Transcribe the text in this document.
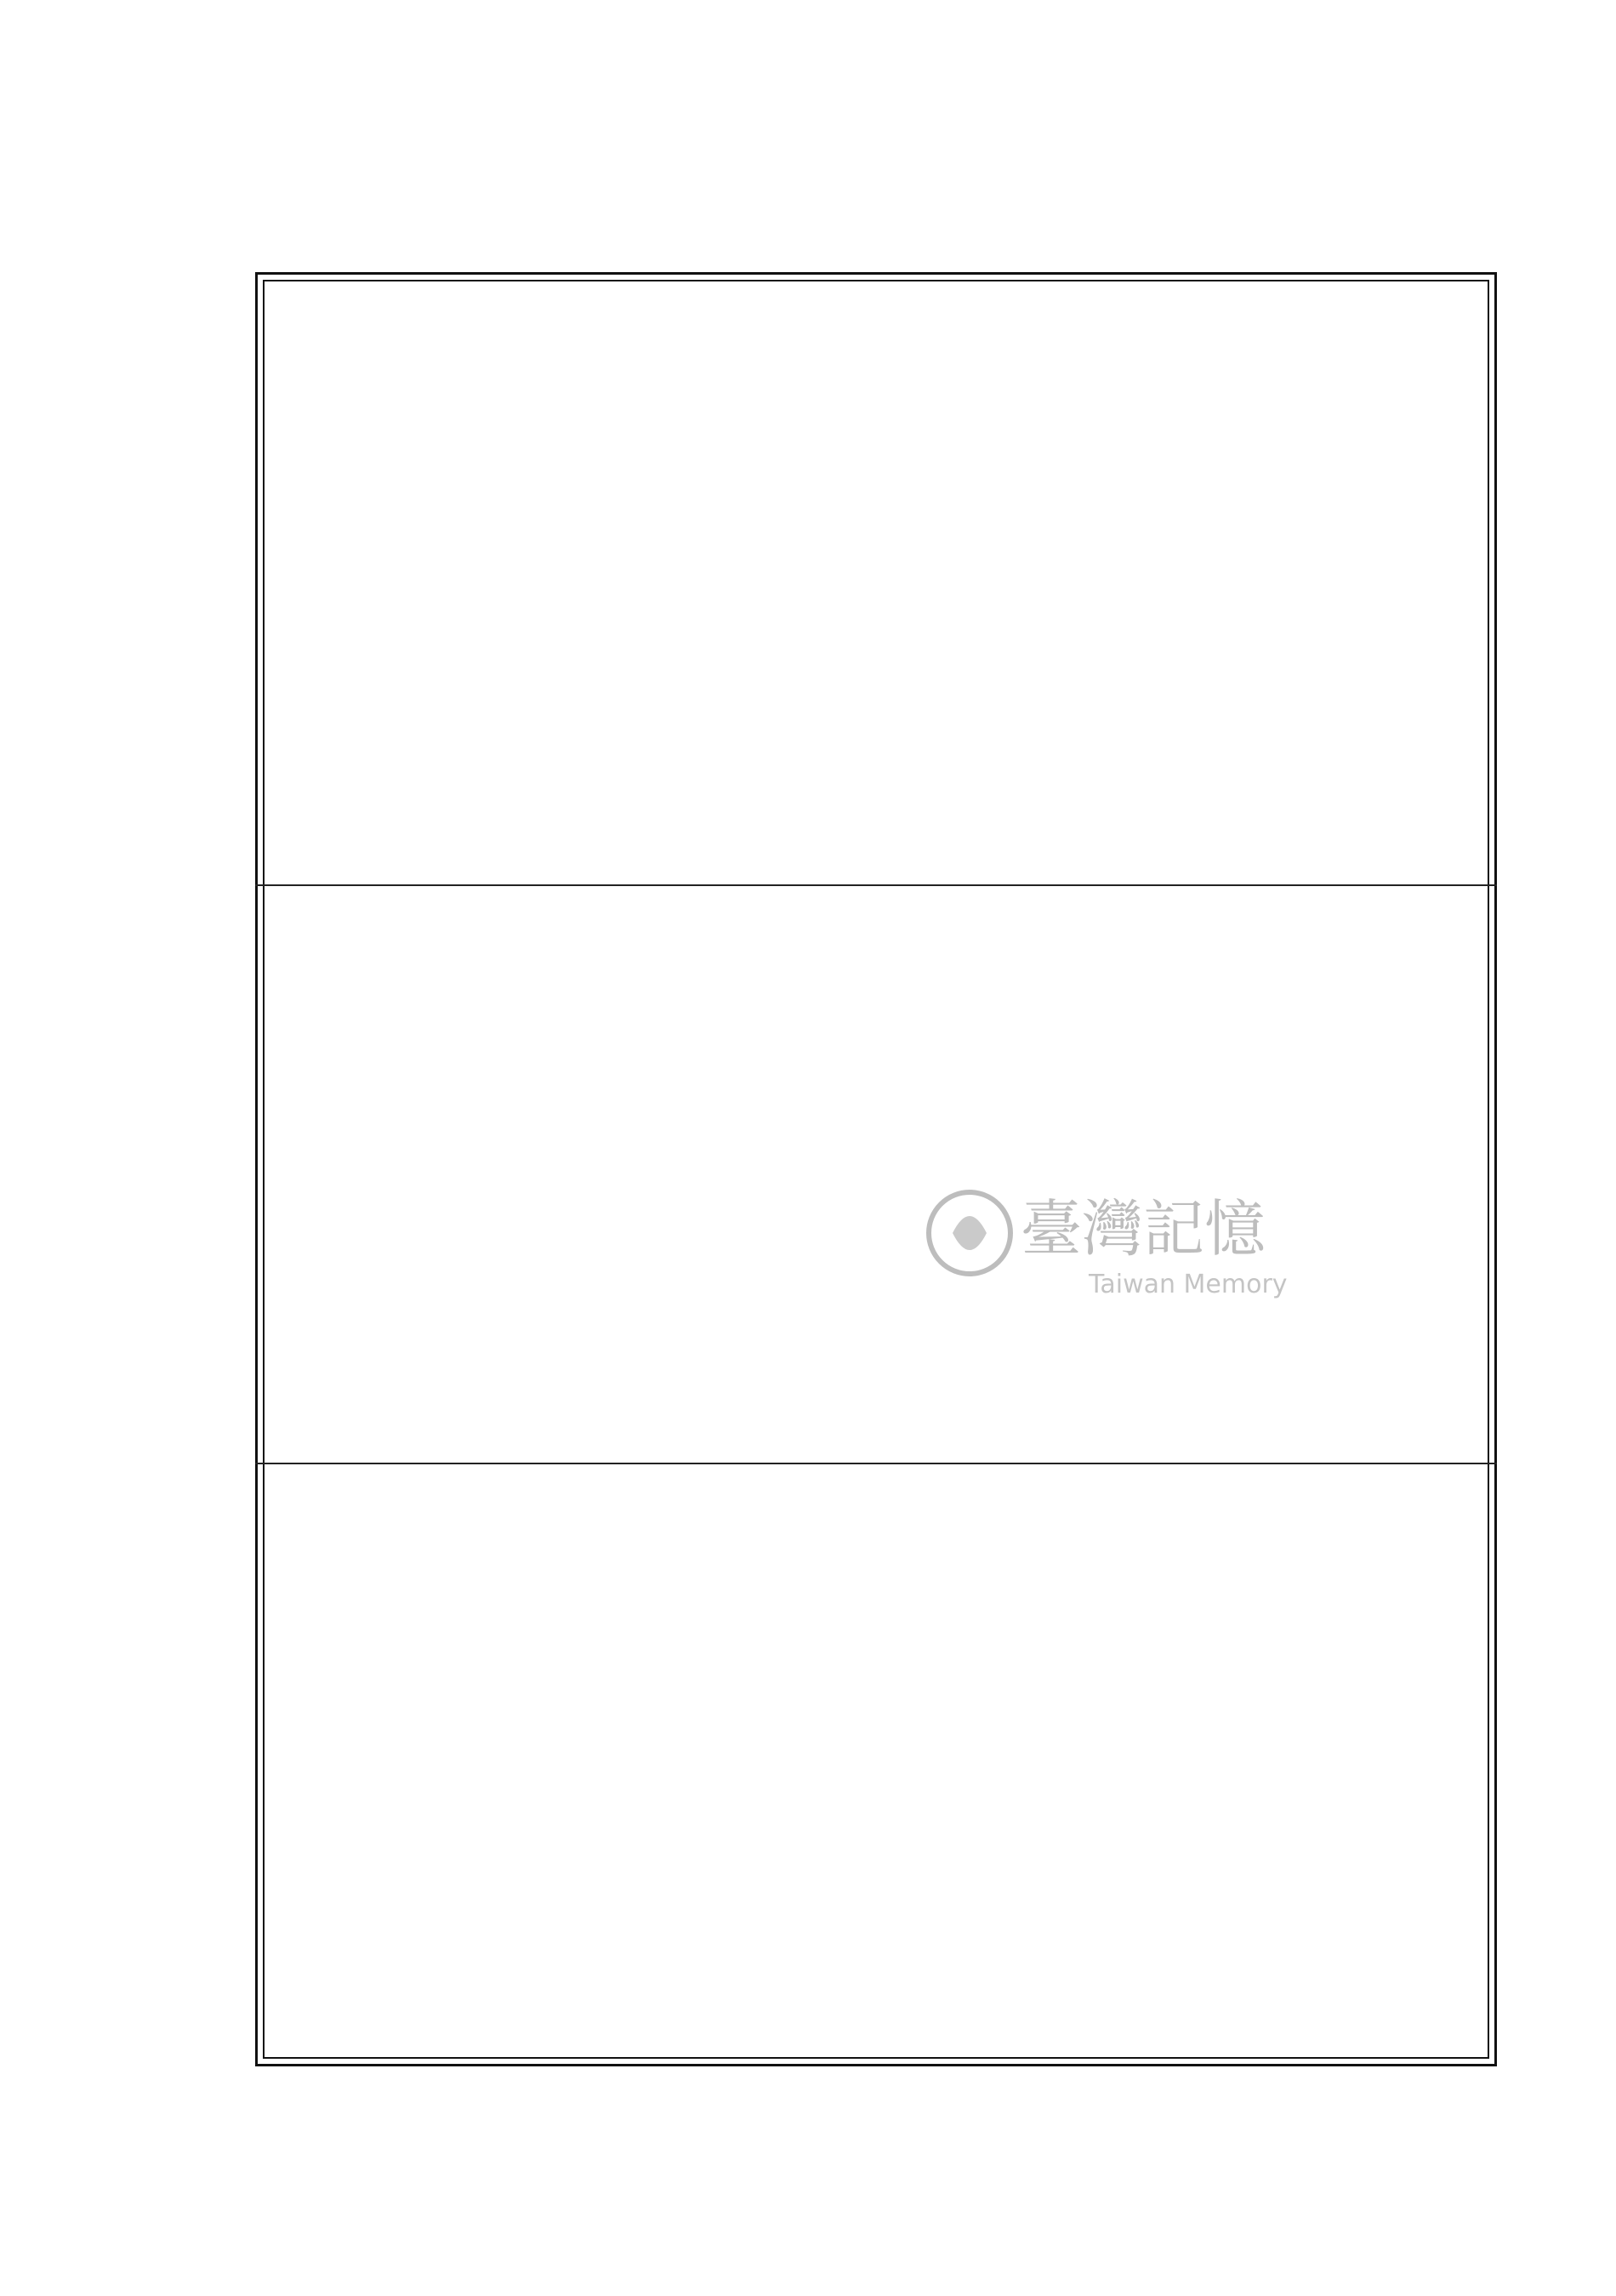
臺灣記憶
Taiwan Memory
